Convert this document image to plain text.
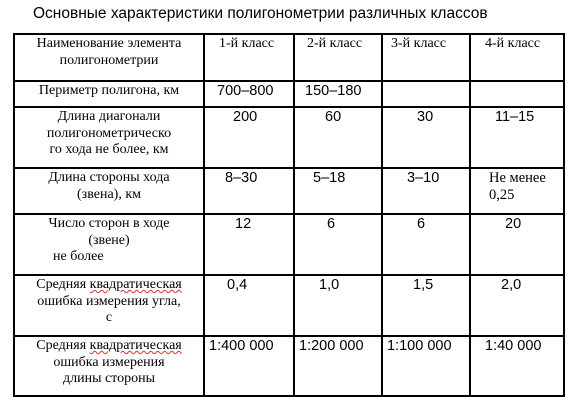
Основные характеристики полигонометрии различных классов
Наименование элемента полигонометрии	1-й класс	2-й класс	3-й класс	4-й класс

Периметр полигона, км	700–800	150–180		

Длина диагонали
полигонометрическо
го хода не более, км	200	60	30	11–15

Длина стороны хода
(звена), км	8–30	5–18	3–10	Не менее
0,25

Число сторон в ходе
(звене)
не более	12	6	6	20

Средняя квадратическая
ошибка измерения угла,
с	0,4	1,0	1,5	2,0

Средняя квадратическая
ошибка измерения
длины стороны	1:400 000	1:200 000	1:100 000	1:40 000
